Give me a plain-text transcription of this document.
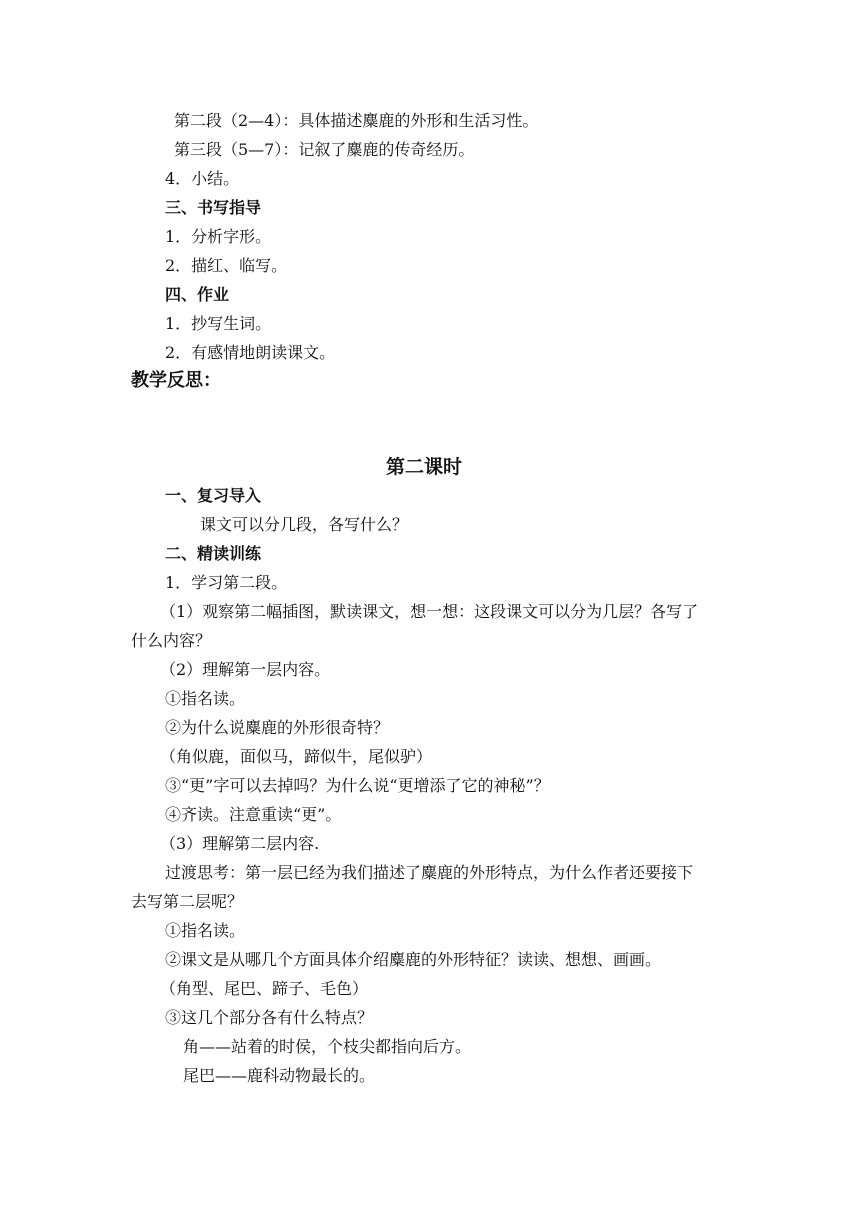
第二段（2—4）：具体描述麋鹿的外形和生活习性。
第三段（5—7）：记叙了麋鹿的传奇经历。
4．小结。
三、书写指导
1．分析字形。
2．描红、临写。
四、作业
1．抄写生词。
2．有感情地朗读课文。
教学反思：
第二课时
一、复习导入
课文可以分几段，各写什么？
二、精读训练
1．学习第二段。
（1）观察第二幅插图，默读课文，想一想：这段课文可以分为几层？各写了
什么内容？
（2）理解第一层内容。
①指名读。
②为什么说麋鹿的外形很奇特？
（角似鹿，面似马，蹄似牛，尾似驴）
③“更”字可以去掉吗？为什么说“更增添了它的神秘”？
④齐读。注意重读“更”。
（3）理解第二层内容.
过渡思考：第一层已经为我们描述了麋鹿的外形特点，为什么作者还要接下
去写第二层呢？
①指名读。
②课文是从哪几个方面具体介绍麋鹿的外形特征？读读、想想、画画。
（角型、尾巴、蹄子、毛色）
③这几个部分各有什么特点？
角——站着的时侯，个枝尖都指向后方。
尾巴——鹿科动物最长的。
